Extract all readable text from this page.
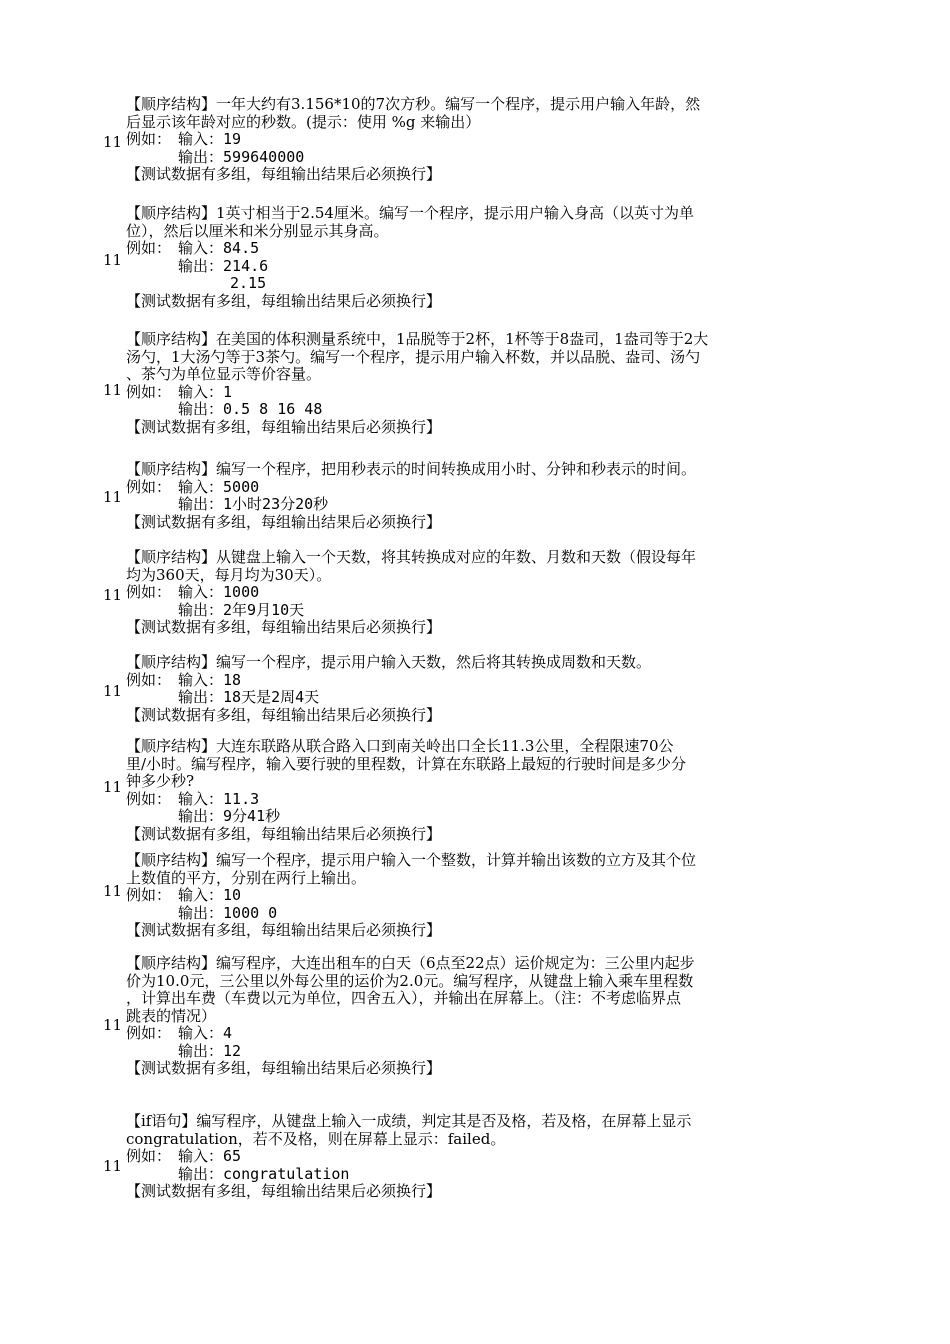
11
【顺序结构】一年大约有3.156*10的7次方秒。编写一个程序，提示用户输入年龄，然
后显示该年龄对应的秒数。(提示：使用 %g 来输出）
例如： 输入：19
输出：599640000
【测试数据有多组，每组输出结果后必须换行】
11
【顺序结构】1英寸相当于2.54厘米。编写一个程序，提示用户输入身高（以英寸为单
位），然后以厘米和米分别显示其身高。
例如： 输入：84.5
输出：214.6
2.15
【测试数据有多组，每组输出结果后必须换行】
11
【顺序结构】在美国的体积测量系统中，1品脱等于2杯，1杯等于8盎司，1盎司等于2大
汤勺，1大汤勺等于3茶勺。编写一个程序，提示用户输入杯数，并以品脱、盎司、汤勺
、茶勺为单位显示等价容量。
例如： 输入：1
输出：0.5 8 16 48
【测试数据有多组，每组输出结果后必须换行】
11
【顺序结构】编写一个程序，把用秒表示的时间转换成用小时、分钟和秒表示的时间。
例如： 输入：5000
输出：1小时23分20秒
【测试数据有多组，每组输出结果后必须换行】
11
【顺序结构】从键盘上输入一个天数，将其转换成对应的年数、月数和天数（假设每年
均为360天，每月均为30天）。
例如： 输入：1000
输出：2年9月10天
【测试数据有多组，每组输出结果后必须换行】
11
【顺序结构】编写一个程序，提示用户输入天数，然后将其转换成周数和天数。
例如： 输入：18
输出：18天是2周4天
【测试数据有多组，每组输出结果后必须换行】
11
【顺序结构】大连东联路从联合路入口到南关岭出口全长11.3公里，全程限速70公
里/小时。编写程序，输入要行驶的里程数，计算在东联路上最短的行驶时间是多少分
钟多少秒?
例如： 输入：11.3
输出：9分41秒
【测试数据有多组，每组输出结果后必须换行】
11
【顺序结构】编写一个程序，提示用户输入一个整数，计算并输出该数的立方及其个位
上数值的平方，分别在两行上输出。
例如： 输入：10
输出：1000 0
【测试数据有多组，每组输出结果后必须换行】
11
【顺序结构】编写程序，大连出租车的白天（6点至22点）运价规定为：三公里内起步
价为10.0元，三公里以外每公里的运价为2.0元。编写程序，从键盘上输入乘车里程数
，计算出车费（车费以元为单位，四舍五入），并输出在屏幕上。（注：不考虑临界点
跳表的情况）
例如： 输入：4
输出：12
【测试数据有多组，每组输出结果后必须换行】
11
【if语句】编写程序，从键盘上输入一成绩，判定其是否及格，若及格，在屏幕上显示
congratulation，若不及格，则在屏幕上显示：failed。
例如： 输入：65
输出：congratulation
【测试数据有多组，每组输出结果后必须换行】
